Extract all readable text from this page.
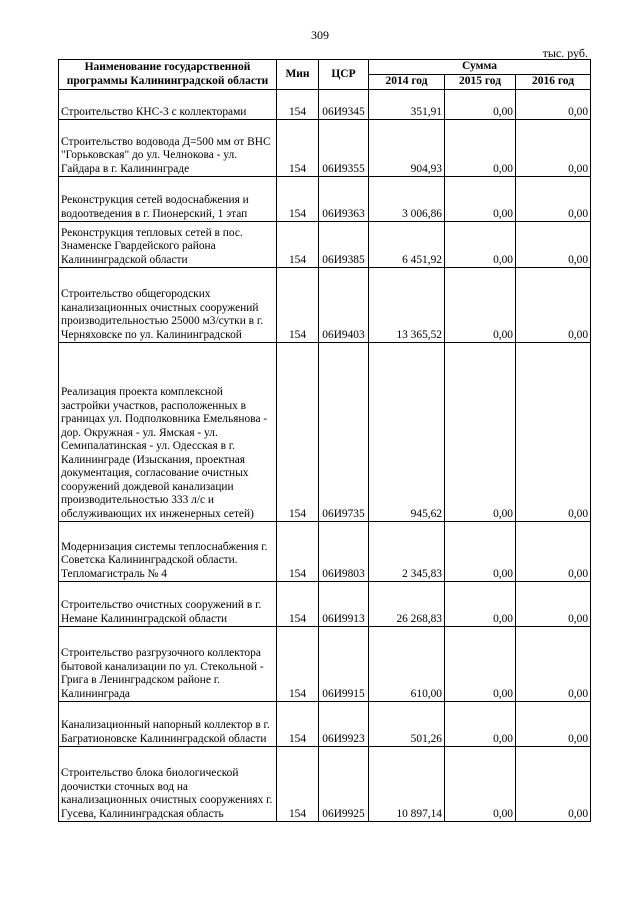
309
тыс. руб.
Наименование государственной программы Калининградской области	Мин	ЦСР	Сумма		
			2014 год	2015 год	2016 год
Строительство КНС-3 с коллекторами	154	06И9345	351,91	0,00	0,00
Строительство водовода Д=500 мм от ВНС "Горьковская" до ул. Челнокова - ул. Гайдара в г. Калининграде	154	06И9355	904,93	0,00	0,00
Реконструкция сетей водоснабжения и водоотведения в г. Пионерский, 1 этап	154	06И9363	3 006,86	0,00	0,00
Реконструкция тепловых сетей в пос. Знаменске Гвардейского района Калининградской области	154	06И9385	6 451,92	0,00	0,00
Строительство общегородских канализационных очистных сооружений производительностью 25000 м3/сутки в г. Черняховске по ул. Калининградской	154	06И9403	13 365,52	0,00	0,00
Реализация проекта комплексной застройки участков, расположенных в границах ул. Подполковника Емельянова - дор. Окружная - ул. Ямская - ул. Семипалатинская - ул. Одесская в г. Калининграде (Изыскания, проектная документация, согласование очистных сооружений дождевой канализации производительностью 333 л/с и обслуживающих их инженерных сетей)	154	06И9735	945,62	0,00	0,00
Модернизация системы теплоснабжения г. Советска Калининградской области. Тепломагистраль № 4	154	06И9803	2 345,83	0,00	0,00
Строительство очистных сооружений в г. Немане Калининградской области	154	06И9913	26 268,83	0,00	0,00
Строительство разгрузочного коллектора бытовой канализации по ул. Стекольной - Грига в Ленинградском районе г. Калининграда	154	06И9915	610,00	0,00	0,00
Канализационный напорный коллектор в г. Багратионовске Калининградской области	154	06И9923	501,26	0,00	0,00
Строительство блока биологической доочистки сточных вод на канализационных очистных сооружениях г. Гусева, Калининградская область	154	06И9925	10 897,14	0,00	0,00
